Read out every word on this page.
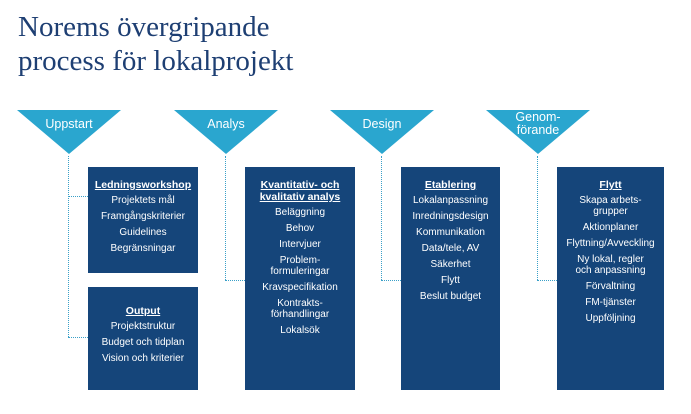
Norems övergripande
process för lokalprojekt
Uppstart	Analys	Design	Genom-
förande
Ledningsworkshop
Projektets mål
Framgångskriterier
Guidelines
Begränsningar
Output
Projektstruktur
Budget och tidplan
Vision och kriterier
Kvantitativ- och
kvalitativ analys
Beläggning
Behov
Intervjuer
Problem-
formuleringar
Kravspecifikation
Kontrakts-
förhandlingar
Lokalsök
Etablering
Lokalanpassning
Inredningsdesign
Kommunikation
Data/tele, AV
Säkerhet
Flytt
Beslut budget
Flytt
Skapa arbets-
grupper
Aktionplaner
Flyttning/Avveckling
Ny lokal, regler
och anpassning
Förvaltning
FM-tjänster
Uppföljning
